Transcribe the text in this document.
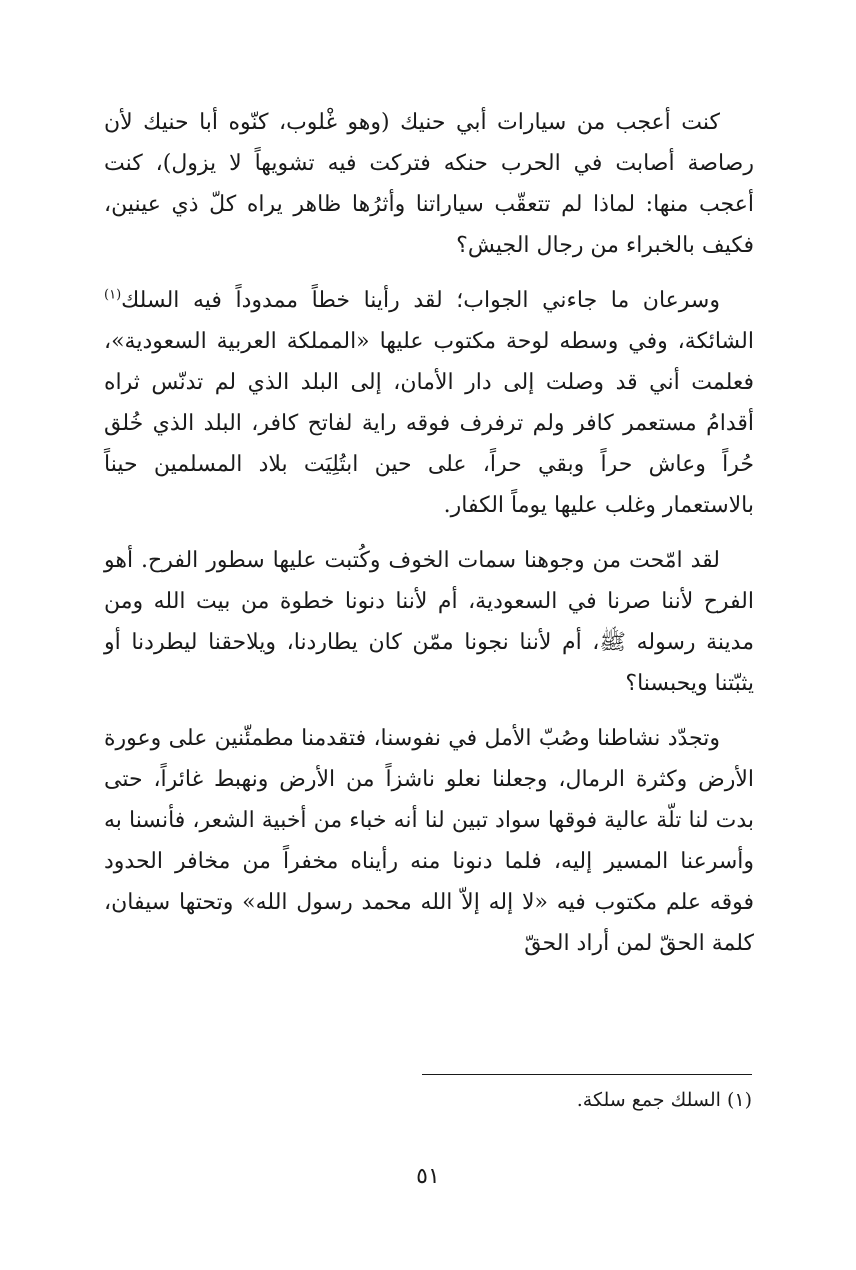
كنت أعجب من سيارات أبي حنيك (وهو غْلوب، كنّوه أبا حنيك لأن رصاصة أصابت في الحرب حنكه فتركت فيه تشويهاً لا يزول)، كنت أعجب منها: لماذا لم تتعقّب سياراتنا وأثرُها ظاهر يراه كلّ ذي عينين، فكيف بالخبراء من رجال الجيش؟

وسرعان ما جاءني الجواب؛ لقد رأينا خطاً ممدوداً فيه السلك$^{(١)}$ الشائكة، وفي وسطه لوحة مكتوب عليها «المملكة العربية السعودية»، فعلمت أني قد وصلت إلى دار الأمان، إلى البلد الذي لم تدنّس ثراه أقدامُ مستعمر كافر ولم ترفرف فوقه راية لفاتح كافر، البلد الذي خُلق حُراً وعاش حراً وبقي حراً، على حين ابتُلِيَت بلاد المسلمين حيناً بالاستعمار وغلب عليها يوماً الكفار.

لقد امّحت من وجوهنا سمات الخوف وكُتبت عليها سطور الفرح. أهو الفرح لأننا صرنا في السعودية، أم لأننا دنونا خطوة من بيت الله ومن مدينة رسوله ﷺ، أم لأننا نجونا ممّن كان يطاردنا، ويلاحقنا ليطردنا أو يثبّتنا ويحبسنا؟

وتجدّد نشاطنا وصُبّ الأمل في نفوسنا، فتقدمنا مطمئّنين على وعورة الأرض وكثرة الرمال، وجعلنا نعلو ناشزاً من الأرض ونهبط غائراً، حتى بدت لنا تلّة عالية فوقها سواد تبين لنا أنه خباء من أخبية الشعر، فأنسنا به وأسرعنا المسير إليه، فلما دنونا منه رأيناه مخفراً من مخافر الحدود فوقه علم مكتوب فيه «لا إله إلاّ الله محمد رسول الله» وتحتها سيفان، كلمة الحقّ لمن أراد الحقّ

(١) السلك جمع سلكة.
٥١
